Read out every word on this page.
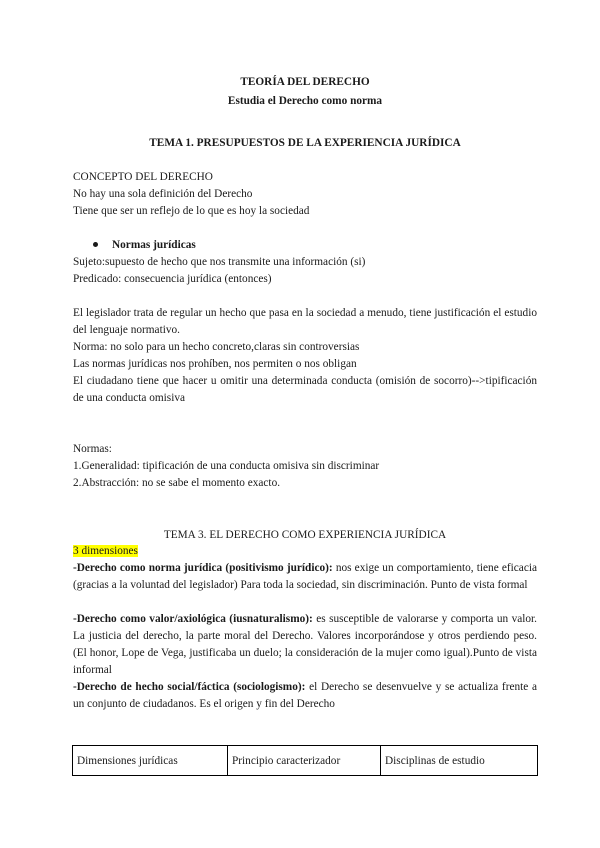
TEORÍA DEL DERECHO
Estudia el Derecho como norma
TEMA 1. PRESUPUESTOS DE LA EXPERIENCIA JURÍDICA
CONCEPTO DEL DERECHO
No hay una sola definición del Derecho
Tiene que ser un reflejo de lo que es hoy la sociedad
Normas jurídicas
Sujeto:supuesto de hecho que nos transmite una información (si)
Predicado: consecuencia jurídica (entonces)
El legislador trata de regular un hecho que pasa en la sociedad a menudo, tiene justificación el estudio del lenguaje normativo.
Norma: no solo para un hecho concreto,claras sin controversias
Las normas jurídicas nos prohíben, nos permiten o nos obligan
El ciudadano tiene que hacer u omitir una determinada conducta (omisión de socorro)-->tipificación de una conducta omisiva
Normas:
1.Generalidad: tipificación de una conducta omisiva sin discriminar
2.Abstracción: no se sabe el momento exacto.
TEMA 3. EL DERECHO COMO EXPERIENCIA JURÍDICA
3 dimensiones
-Derecho como norma jurídica (positivismo jurídico): nos exige un comportamiento, tiene eficacia (gracias a la voluntad del legislador) Para toda la sociedad, sin discriminación. Punto de vista formal
-Derecho como valor/axiológica (iusnaturalismo): es susceptible de valorarse y comporta un valor. La justicia del derecho, la parte moral del Derecho. Valores incorporándose y otros perdiendo peso. (El honor, Lope de Vega, justificaba un duelo; la consideración de la mujer como igual).Punto de vista informal
-Derecho de hecho social/fáctica (sociologismo): el Derecho se desenvuelve y se actualiza frente a un conjunto de ciudadanos. Es el origen y fin del Derecho
Dimensiones jurídicas	Principio caracterizador	Disciplinas de estudio
